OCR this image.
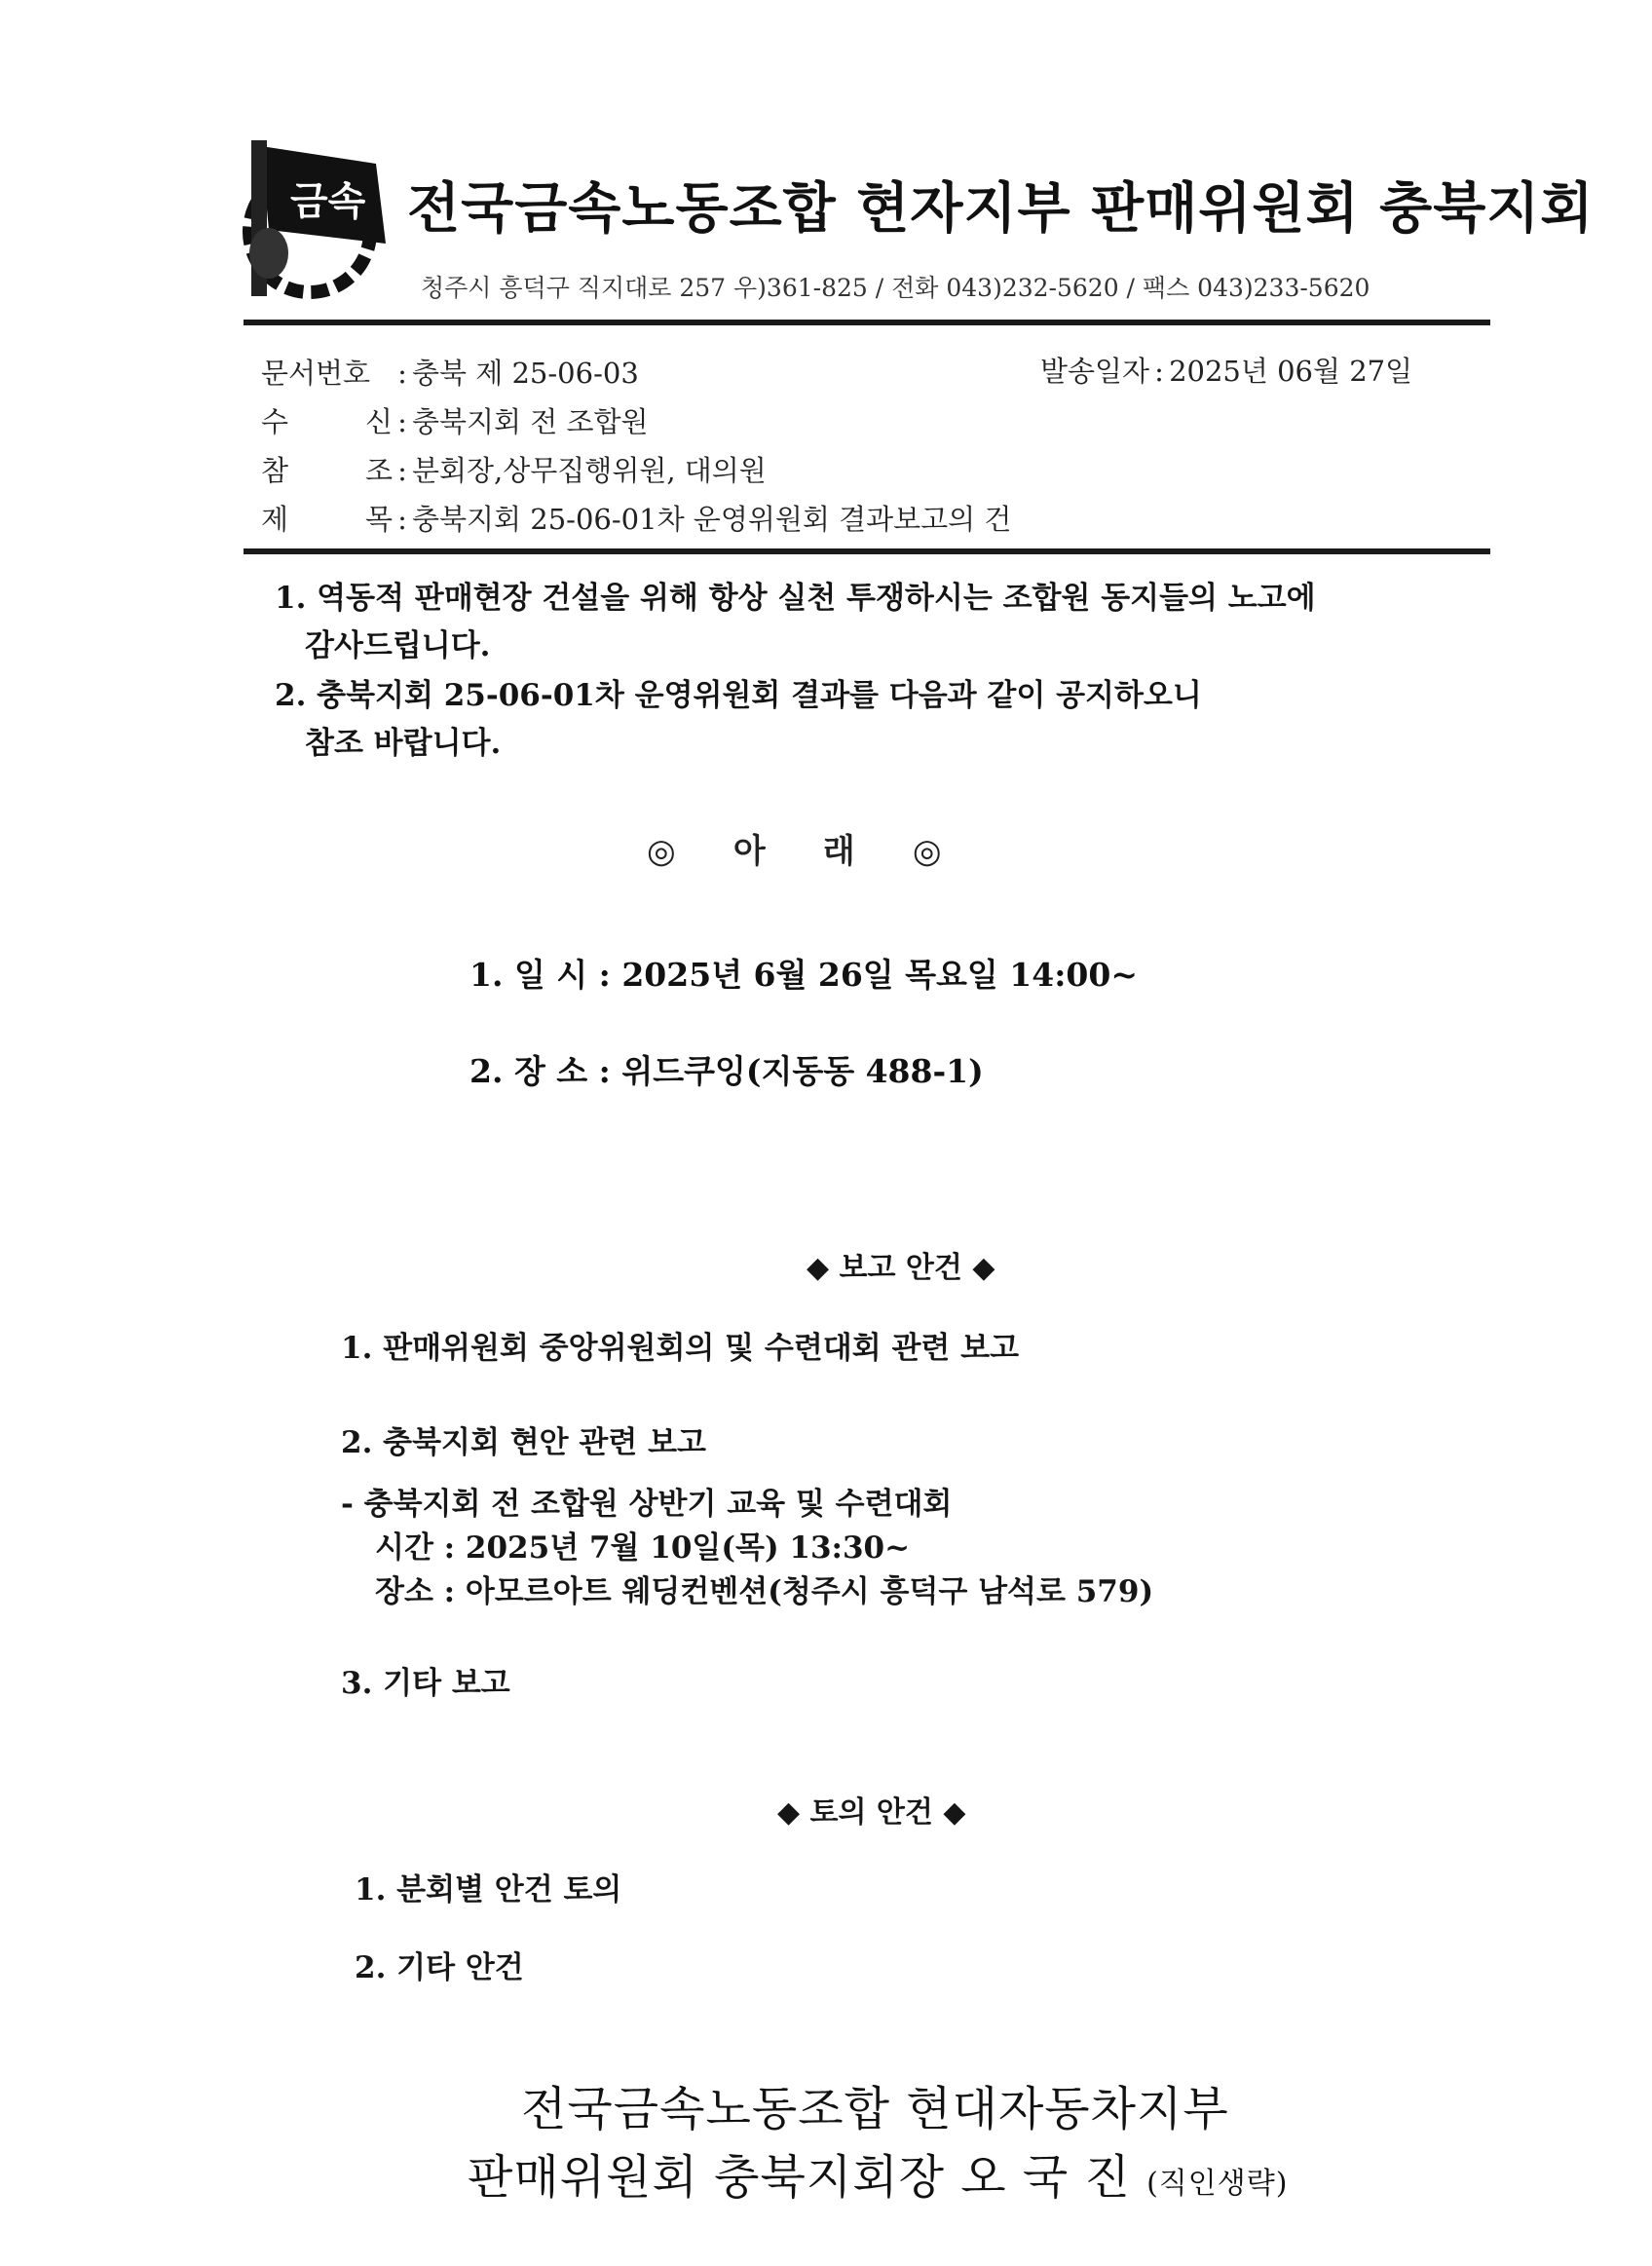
금속 전국금속노동조합 현자지부 판매위원회 충북지회
청주시 흥덕구 직지대로 257 우)361-825 / 전화 043)232-5620 / 팩스 043)233-5620
문서번호 : 충북 제 25-06-03	발송일자 : 2025년 06월 27일
수 신 : 충북지회 전 조합원
참 조 : 분회장,상무집행위원, 대의원
제 목 : 충북지회 25-06-01차 운영위원회 결과보고의 건
1. 역동적 판매현장 건설을 위해 항상 실천 투쟁하시는 조합원 동지들의 노고에
감사드립니다.
2. 충북지회 25-06-01차 운영위원회 결과를 다음과 같이 공지하오니
참조 바랍니다.
◎     아     래     ◎
1. 일 시 : 2025년 6월 26일 목요일 14:00~
2. 장 소 : 위드쿠잉(지동동 488-1)
◆ 보고 안건 ◆
1. 판매위원회 중앙위원회의 및 수련대회 관련 보고
2. 충북지회 현안 관련 보고
- 충북지회 전 조합원 상반기 교육 및 수련대회
시간 : 2025년 7월 10일(목) 13:30~
장소 : 아모르아트 웨딩컨벤션(청주시 흥덕구 남석로 579)
3. 기타 보고
◆ 토의 안건 ◆
1. 분회별 안건 토의
2. 기타 안건
전국금속노동조합 현대자동차지부
판매위원회 충북지회장 오 국 진 (직인생략)
